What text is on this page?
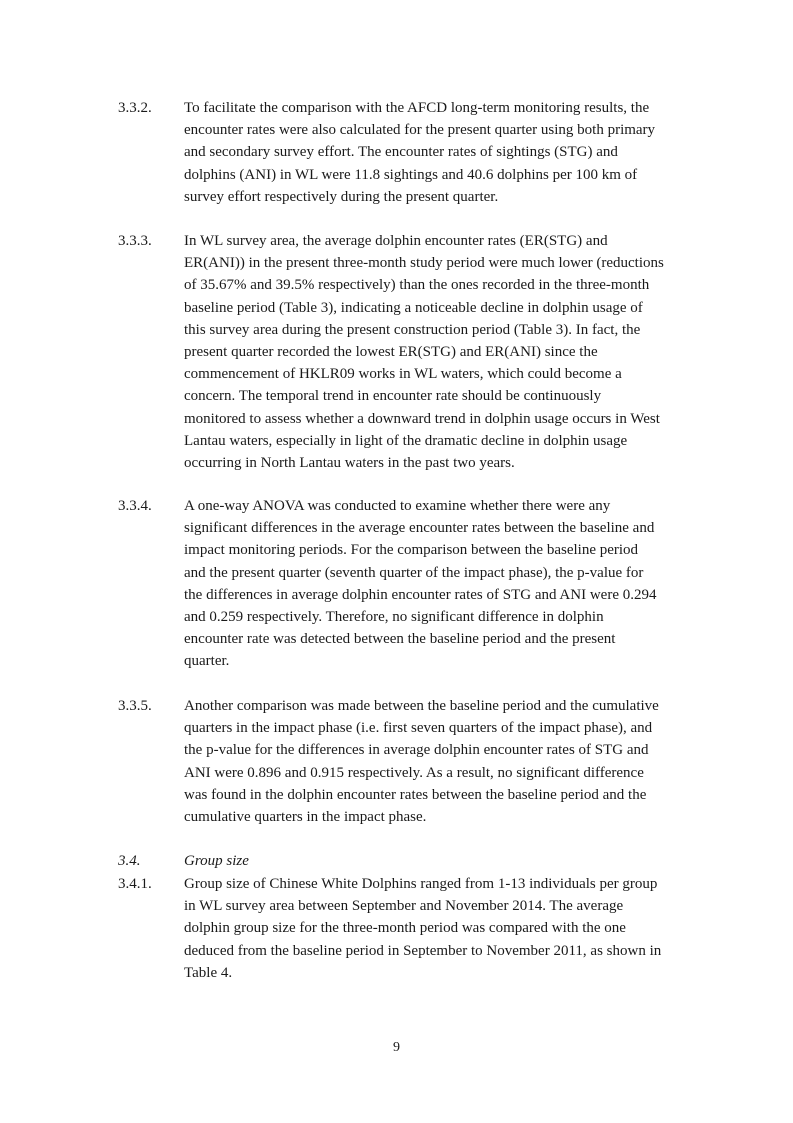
3.3.2.	To facilitate the comparison with the AFCD long-term monitoring results, the
encounter rates were also calculated for the present quarter using both primary
and secondary survey effort. The encounter rates of sightings (STG) and
dolphins (ANI) in WL were 11.8 sightings and 40.6 dolphins per 100 km of
survey effort respectively during the present quarter.
3.3.3.	In WL survey area, the average dolphin encounter rates (ER(STG) and
ER(ANI)) in the present three-month study period were much lower (reductions
of 35.67% and 39.5% respectively) than the ones recorded in the three-month
baseline period (Table 3), indicating a noticeable decline in dolphin usage of
this survey area during the present construction period (Table 3). In fact, the
present quarter recorded the lowest ER(STG) and ER(ANI) since the
commencement of HKLR09 works in WL waters, which could become a
concern. The temporal trend in encounter rate should be continuously
monitored to assess whether a downward trend in dolphin usage occurs in West
Lantau waters, especially in light of the dramatic decline in dolphin usage
occurring in North Lantau waters in the past two years.
3.3.4.	A one-way ANOVA was conducted to examine whether there were any
significant differences in the average encounter rates between the baseline and
impact monitoring periods. For the comparison between the baseline period
and the present quarter (seventh quarter of the impact phase), the p-value for
the differences in average dolphin encounter rates of STG and ANI were 0.294
and 0.259 respectively. Therefore, no significant difference in dolphin
encounter rate was detected between the baseline period and the present
quarter.
3.3.5.	Another comparison was made between the baseline period and the cumulative
quarters in the impact phase (i.e. first seven quarters of the impact phase), and
the p-value for the differences in average dolphin encounter rates of STG and
ANI were 0.896 and 0.915 respectively. As a result, no significant difference
was found in the dolphin encounter rates between the baseline period and the
cumulative quarters in the impact phase.
3.4.	Group size
3.4.1.	Group size of Chinese White Dolphins ranged from 1-13 individuals per group
in WL survey area between September and November 2014. The average
dolphin group size for the three-month period was compared with the one
deduced from the baseline period in September to November 2011, as shown in
Table 4.
9
